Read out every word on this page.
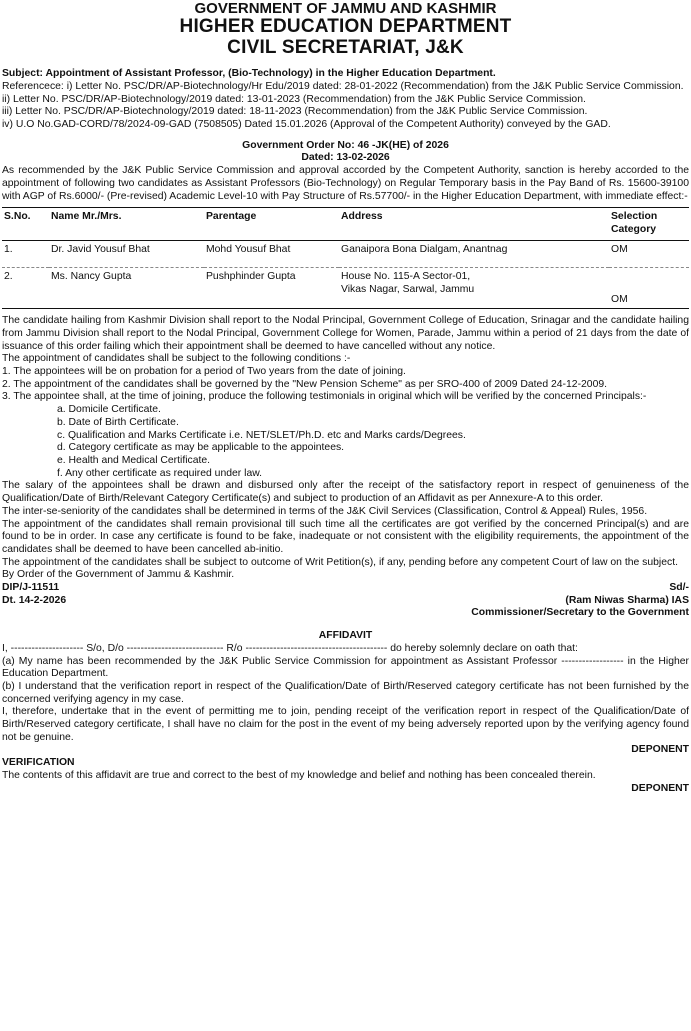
GOVERNMENT OF JAMMU AND KASHMIR
HIGHER EDUCATION DEPARTMENT
CIVIL SECRETARIAT, J&K

Subject: Appointment of Assistant Professor, (Bio-Technology) in the Higher Education Department.

Referencece: i) Letter No. PSC/DR/AP-Biotechnology/Hr Edu/2019 dated: 28-01-2022 (Recommendation) from the J&K Public Service Commission.

ii) Letter No. PSC/DR/AP-Biotechnology/2019 dated: 13-01-2023 (Recommendation) from the J&K Public Service Commission.

iii) Letter No. PSC/DR/AP-Biotechnology/2019 dated: 18-11-2023 (Recommendation) from the J&K Public Service Commission.

iv) U.O No.GAD-CORD/78/2024-09-GAD (7508505) Dated 15.01.2026 (Approval of the Competent Authority) conveyed by the GAD.

Government Order No: 46 -JK(HE) of 2026

Dated: 13-02-2026

As recommended by the J&K Public Service Commission and approval accorded by the Competent Authority, sanction is hereby accorded to the appointment of following two candidates as Assistant Professors (Bio-Technology) on Regular Temporary basis in the Pay Band of Rs. 15600-39100 with AGP of Rs.6000/- (Pre-revised) Academic Level-10 with Pay Structure of Rs.57700/- in the Higher Education Department, with immediate effect:-

S.No.	Name Mr./Mrs.	Parentage	Address	Selection
Category
1.	Dr. Javid Yousuf Bhat	Mohd Yousuf Bhat	Ganaipora Bona Dialgam, Anantnag	OM
2.	Ms. Nancy Gupta	Pushphinder Gupta	House No. 115-A Sector-01,
Vikas Nagar, Sarwal, Jammu	OM

The candidate hailing from Kashmir Division shall report to the Nodal Principal, Government College of Education, Srinagar and the candidate hailing from Jammu Division shall report to the Nodal Principal, Government College for Women, Parade, Jammu within a period of 21 days from the date of issuance of this order failing which their appointment shall be deemed to have cancelled without any notice.

The appointment of candidates shall be subject to the following conditions :-

1. The appointees will be on probation for a period of Two years from the date of joining.

2. The appointment of the candidates shall be governed by the "New Pension Scheme" as per SRO-400 of 2009 Dated 24-12-2009.

3. The appointee shall, at the time of joining, produce the following testimonials in original which will be verified by the concerned Principals:-

a. Domicile Certificate.

b. Date of Birth Certificate.

c. Qualification and Marks Certificate i.e. NET/SLET/Ph.D. etc and Marks cards/Degrees.

d. Category certificate as may be applicable to the appointees.

e. Health and Medical Certificate.

f. Any other certificate as required under law.

The salary of the appointees shall be drawn and disbursed only after the receipt of the satisfactory report in respect of genuineness of the Qualification/Date of Birth/Relevant Category Certificate(s) and subject to production of an Affidavit as per Annexure-A to this order.

The inter-se-seniority of the candidates shall be determined in terms of the J&K Civil Services (Classification, Control & Appeal) Rules, 1956.

The appointment of the candidates shall remain provisional till such time all the certificates are got verified by the concerned Principal(s) and are found to be in order. In case any certificate is found to be fake, inadequate or not consistent with the eligibility requirements, the appointment of the candidates shall be deemed to have been cancelled ab-initio.

The appointment of the candidates shall be subject to outcome of Writ Petition(s), if any, pending before any competent Court of law on the subject.

By Order of the Government of Jammu & Kashmir.

DIP/J-11511	Sd/-
Dt. 14-2-2026	(Ram Niwas Sharma) IAS

Commissioner/Secretary to the Government

AFFIDAVIT

I, --------------------- S/o, D/o ---------------------------- R/o ----------------------------------------- do hereby solemnly declare on oath that:

(a) My name has been recommended by the J&K Public Service Commission for appointment as Assistant Professor ------------------ in the Higher Education Department.

(b) I understand that the verification report in respect of the Qualification/Date of Birth/Reserved category certificate has not been furnished by the concerned verifying agency in my case.

I, therefore, undertake that in the event of permitting me to join, pending receipt of the verification report in respect of the Qualification/Date of Birth/Reserved category certificate, I shall have no claim for the post in the event of my being adversely reported upon by the verifying agency found not be genuine.

DEPONENT

VERIFICATION

The contents of this affidavit are true and correct to the best of my knowledge and belief and nothing has been concealed therein.

DEPONENT
